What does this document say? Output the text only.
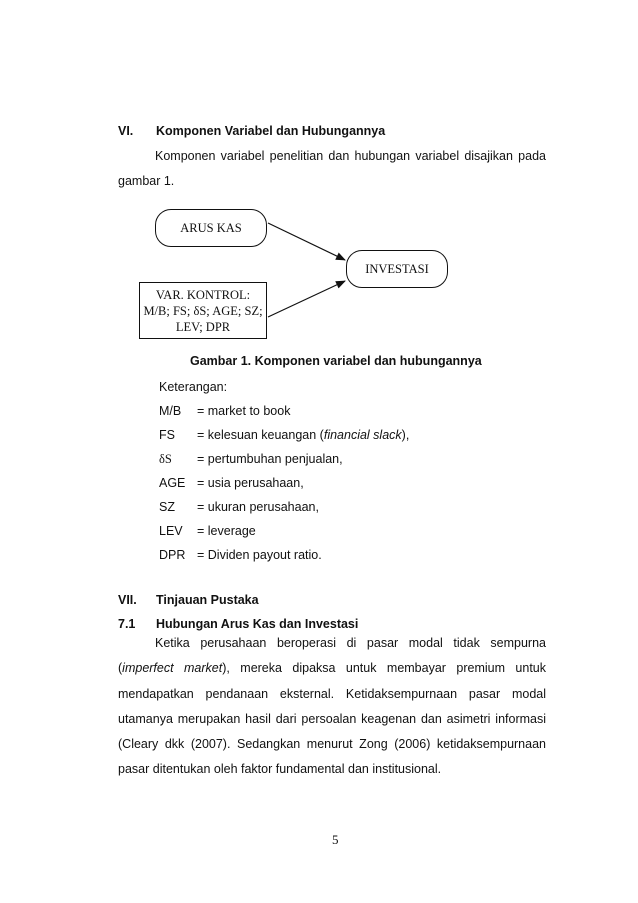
VI. Komponen Variabel dan Hubungannya
Komponen variabel penelitian dan hubungan variabel disajikan pada
gambar 1.
ARUS KAS
INVESTASI
VAR. KONTROL:
M/B; FS; δS; AGE; SZ;
LEV; DPR
Gambar 1. Komponen variabel dan hubungannya
Keterangan:
M/B = market to book
FS = kelesuan keuangan (financial slack),
δS = pertumbuhan penjualan,
AGE = usia perusahaan,
SZ = ukuran perusahaan,
LEV = leverage
DPR = Dividen payout ratio.
VII. Tinjauan Pustaka
7.1 Hubungan Arus Kas dan Investasi
Ketika perusahaan beroperasi di pasar modal tidak sempurna
(imperfect market), mereka dipaksa untuk membayar premium untuk
mendapatkan pendanaan eksternal. Ketidaksempurnaan pasar modal
utamanya merupakan hasil dari persoalan keagenan dan asimetri informasi
(Cleary dkk (2007). Sedangkan menurut Zong (2006) ketidaksempurnaan
pasar ditentukan oleh faktor fundamental dan institusional.
5
